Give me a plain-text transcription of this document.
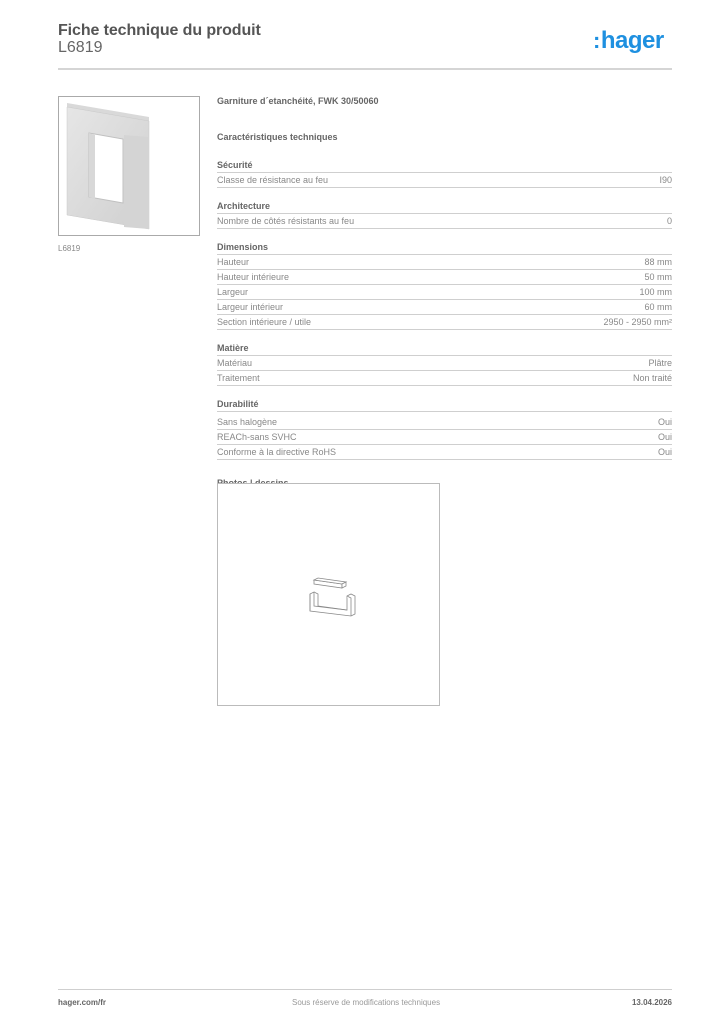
Fiche technique du produit
L6819	:hager
L6819
Garniture d´etanchéité, FWK 30/50060
Caractéristiques techniques
Sécurité
Classe de résistance au feu	I90
Architecture
Nombre de côtés résistants au feu	0
Dimensions
Hauteur	88 mm
Hauteur intérieure	50 mm
Largeur	100 mm
Largeur intérieur	60 mm
Section intérieure / utile	2950 - 2950 mm²
Matière
Matériau	Plâtre
Traitement	Non traité
Durabilité
Sans halogène	Oui
REACh-sans SVHC	Oui
Conforme à la directive RoHS	Oui
hager.com/fr	Sous réserve de modifications techniques	13.04.2026
